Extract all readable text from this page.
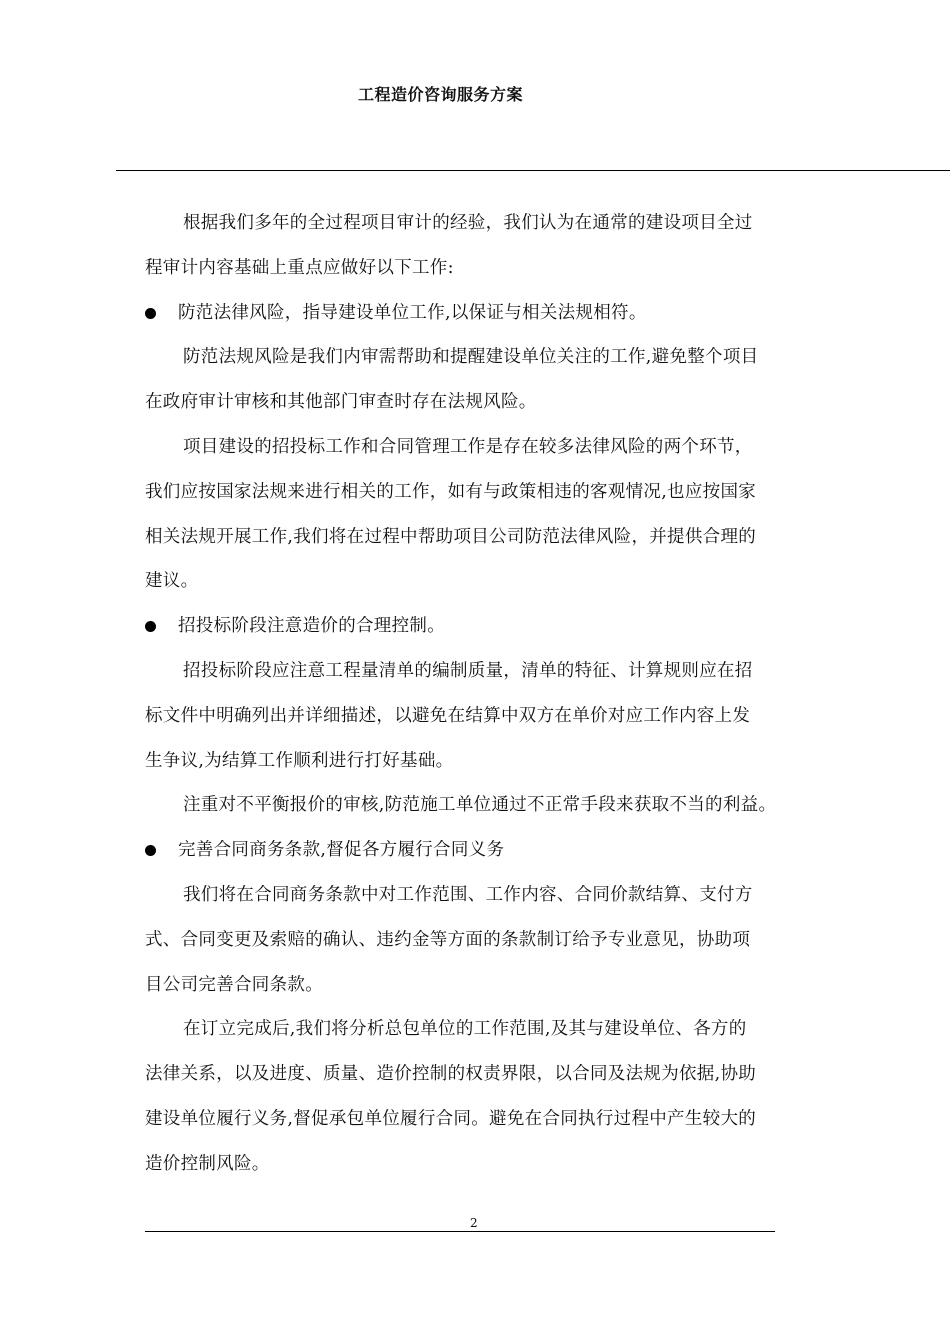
工程造价咨询服务方案
根据我们多年的全过程项目审计的经验，我们认为在通常的建设项目全过
程审计内容基础上重点应做好以下工作:
防范法律风险，指导建设单位工作,以保证与相关法规相符。
防范法规风险是我们内审需帮助和提醒建设单位关注的工作,避免整个项目
在政府审计审核和其他部门审查时存在法规风险。
项目建设的招投标工作和合同管理工作是存在较多法律风险的两个环节，
我们应按国家法规来进行相关的工作，如有与政策相违的客观情况,也应按国家
相关法规开展工作,我们将在过程中帮助项目公司防范法律风险，并提供合理的
建议。
招投标阶段注意造价的合理控制。
招投标阶段应注意工程量清单的编制质量，清单的特征、计算规则应在招
标文件中明确列出并详细描述，以避免在结算中双方在单价对应工作内容上发
生争议,为结算工作顺利进行打好基础。
注重对不平衡报价的审核,防范施工单位通过不正常手段来获取不当的利益。
完善合同商务条款,督促各方履行合同义务
我们将在合同商务条款中对工作范围、工作内容、合同价款结算、支付方
式、合同变更及索赔的确认、违约金等方面的条款制订给予专业意见，协助项
目公司完善合同条款。
在订立完成后,我们将分析总包单位的工作范围,及其与建设单位、各方的
法律关系，以及进度、质量、造价控制的权责界限，以合同及法规为依据,协助
建设单位履行义务,督促承包单位履行合同。避免在合同执行过程中产生较大的
造价控制风险。
2
